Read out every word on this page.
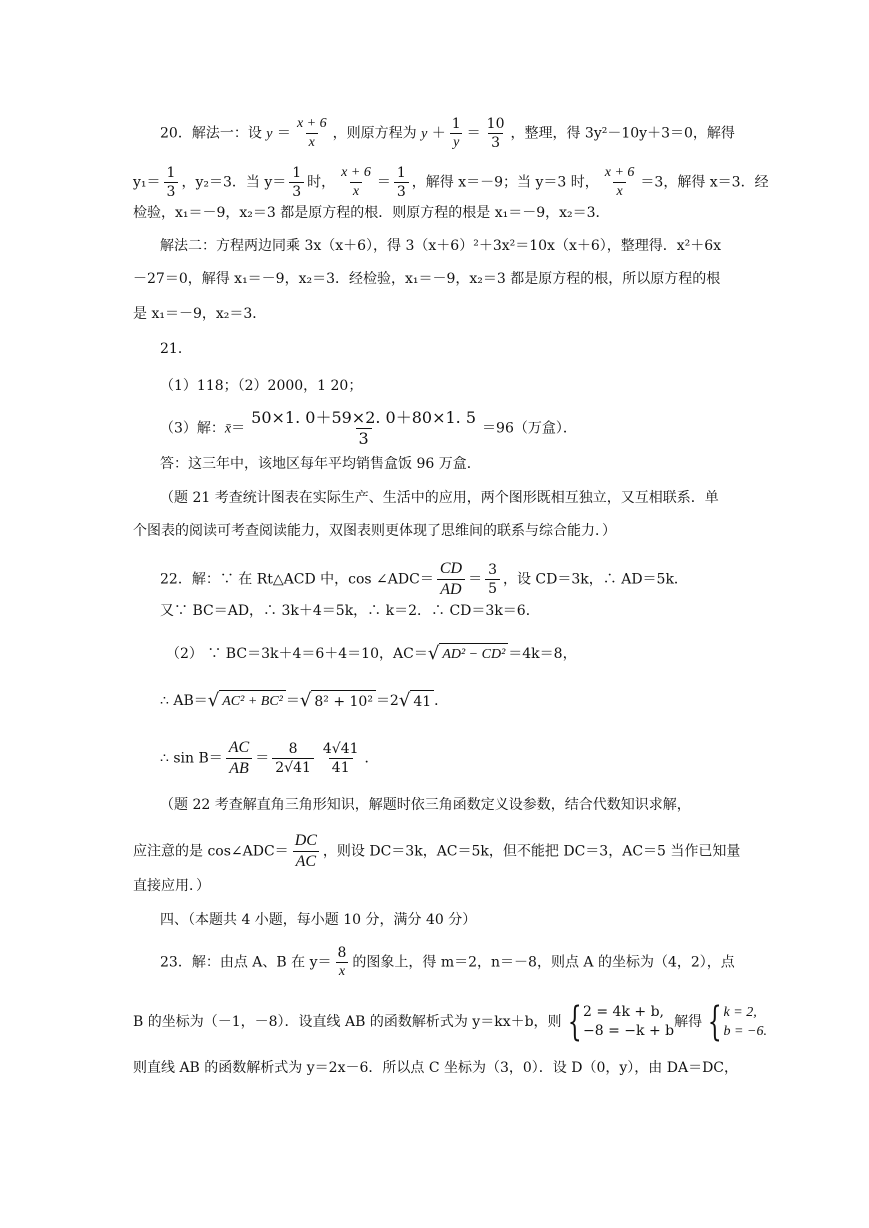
20．解法一：设 $y = \frac{x + 6}{x}$ ，则原方程为 $y + \frac{1}{y} = \frac{10}{3}$ ，整理，得 3y²－10y＋3＝0，解得
$y_1= \frac{1}{3}$ ，y₂＝3．当 $y= \frac{1}{3}$ 时， $\frac{x + 6}{x} = \frac{1}{3}$ ，解得 x＝－9；当 y＝3 时， $\frac{x + 6}{x} =3$，解得 x＝3．经
检验，x₁＝－9，x₂＝3 都是原方程的根．则原方程的根是 x₁＝－9，x₂＝3．
解法二：方程两边同乘 3x（x＋6），得 3（x＋6）²＋3x²＝10x（x＋6），整理得．x²＋6x
－27＝0，解得 x₁＝－9，x₂＝3．经检验，x₁＝－9，x₂＝3 都是原方程的根，所以原方程的根
是 x₁＝－9，x₂＝3．
21．
（1）118；（2）2000，1 20；
（3）解：x̄＝ $\frac{50\times 1. 0+59\times 2. 0+80\times 1. 5}{3} =96$（万盒）．
答：这三年中，该地区每年平均销售盒饭 96 万盒．
（题 21 考查统计图表在实际生产、生活中的应用，两个图形既相互独立，又互相联系．单
个图表的阅读可考查阅读能力，双图表则更体现了思维间的联系与综合能力．）
22．解：∵ 在 Rt△ACD 中，cos ∠ADC＝ $\frac{CD}{AD} = \frac{3}{5}$ ，设 CD＝3k，∴ AD＝5k．
又∵ BC＝AD，∴ 3k＋4＝5k，∴ k＝2．∴ CD＝3k＝6．
（2） ∵ BC＝3k＋4＝6＋4＝10，AC＝ √ AD² − CD² ＝4k＝8，
∴ AB＝ √ AC² + BC² ＝ √ 8² + 10² ＝2 √ 41 ．
∴ $\sin B= \frac{AC}{AB} = \frac{8}{2√41} \frac{4√41}{41}$ ．
（题 22 考查解直角三角形知识，解题时依三角函数定义设参数，结合代数知识求解，
应注意的是 cos∠ADC＝ $\frac{DC}{AC}$ ，则设 DC＝3k，AC＝5k，但不能把 DC＝3，AC＝5 当作已知量
直接应用．）
四、（本题共 4 小题，每小题 10 分，满分 40 分）
23．解：由点 A、B 在 $y= \frac{8}{x}$ 的图象上，得 m＝2，n＝－8，则点 A 的坐标为（4，2），点
B 的坐标为（－1，－8）．设直线 AB 的函数解析式为 y＝kx＋b，则 { 2 = 4k + b,
−8 = −k + b
解得 { k = 2,
b = −6.
则直线 AB 的函数解析式为 y＝2x－6．所以点 C 坐标为（3，0）．设 D（0，y），由 DA＝DC，
